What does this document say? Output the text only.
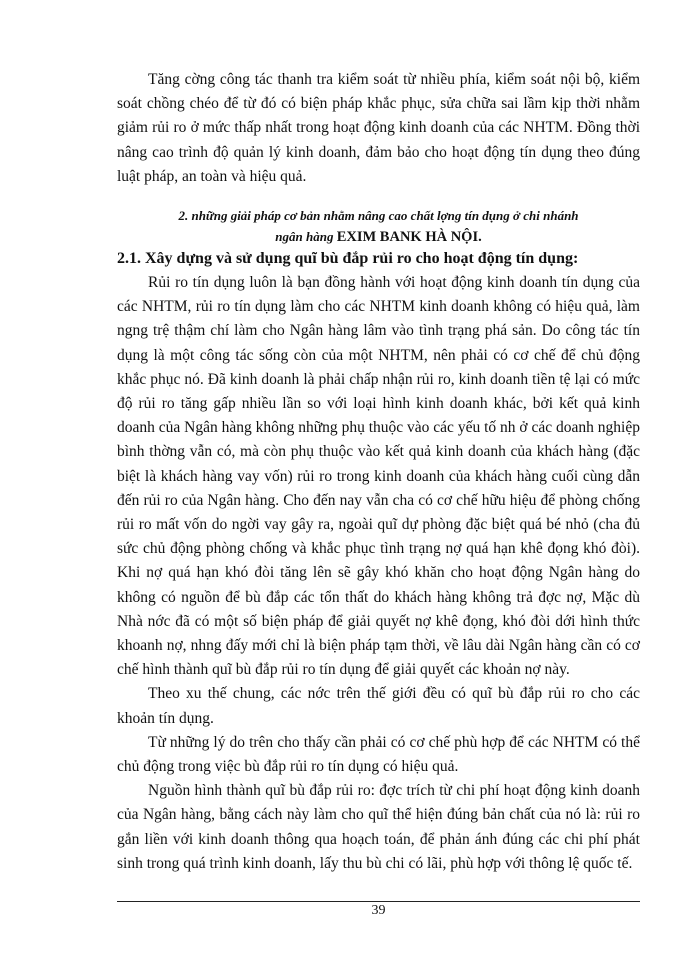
Tăng cờng công tác thanh tra kiểm soát từ nhiều phía, kiểm soát nội bộ, kiểm soát chồng chéo để từ đó có biện pháp khắc phục, sửa chữa sai lầm kịp thời nhằm giảm rủi ro ở mức thấp nhất trong hoạt động kinh doanh của các NHTM. Đồng thời nâng cao trình độ quản lý kinh doanh, đảm bảo cho hoạt động tín dụng theo đúng luật pháp, an toàn và hiệu quả.

2. những giải pháp cơ bản nhằm nâng cao chất lợng tín dụng ở chi nhánh
ngân hàng EXIM BANK HÀ NỘI.
2.1. Xây dựng và sử dụng quĩ bù đắp rủi ro cho hoạt động tín dụng:

Rủi ro tín dụng luôn là bạn đồng hành với hoạt động kinh doanh tín dụng của các NHTM, rủi ro tín dụng làm cho các NHTM kinh doanh không có hiệu quả, làm ngng trệ thậm chí làm cho Ngân hàng lâm vào tình trạng phá sản. Do công tác tín dụng là một công tác sống còn của một NHTM, nên phải có cơ chế để chủ động khắc phục nó. Đã kinh doanh là phải chấp nhận rủi ro, kinh doanh tiền tệ lại có mức độ rủi ro tăng gấp nhiều lần so với loại hình kinh doanh khác, bởi kết quả kinh doanh của Ngân hàng không những phụ thuộc vào các yếu tố nh ở các doanh nghiệp bình thờng vẫn có, mà còn phụ thuộc vào kết quả kinh doanh của khách hàng (đặc biệt là khách hàng vay vốn) rủi ro trong kinh doanh của khách hàng cuối cùng dẫn đến rủi ro của Ngân hàng. Cho đến nay vẫn cha có cơ chế hữu hiệu để phòng chống rủi ro mất vốn do ngời vay gây ra, ngoài quĩ dự phòng đặc biệt quá bé nhỏ (cha đủ sức chủ động phòng chống và khắc phục tình trạng nợ quá hạn khê đọng khó đòi). Khi nợ quá hạn khó đòi tăng lên sẽ gây khó khăn cho hoạt động Ngân hàng do không có nguồn để bù đắp các tổn thất do khách hàng không trả đợc nợ, Mặc dù Nhà nớc đã có một số biện pháp để giải quyết nợ khê đọng, khó đòi dới hình thức khoanh nợ, nhng đấy mới chỉ là biện pháp tạm thời, về lâu dài Ngân hàng cần có cơ chế hình thành quĩ bù đắp rủi ro tín dụng để giải quyết các khoản nợ này.

Theo xu thế chung, các nớc trên thế giới đều có quĩ bù đắp rủi ro cho các khoản tín dụng.

Từ những lý do trên cho thấy cần phải có cơ chế phù hợp để các NHTM có thể chủ động trong việc bù đắp rủi ro tín dụng có hiệu quả.

Nguồn hình thành quĩ bù đắp rủi ro: đợc trích từ chi phí hoạt động kinh doanh của Ngân hàng, bằng cách này làm cho quĩ thể hiện đúng bản chất của nó là: rủi ro gắn liền với kinh doanh thông qua hoạch toán, để phản ánh đúng các chi phí phát sinh trong quá trình kinh doanh, lấy thu bù chi có lãi, phù hợp với thông lệ quốc tế.

39
